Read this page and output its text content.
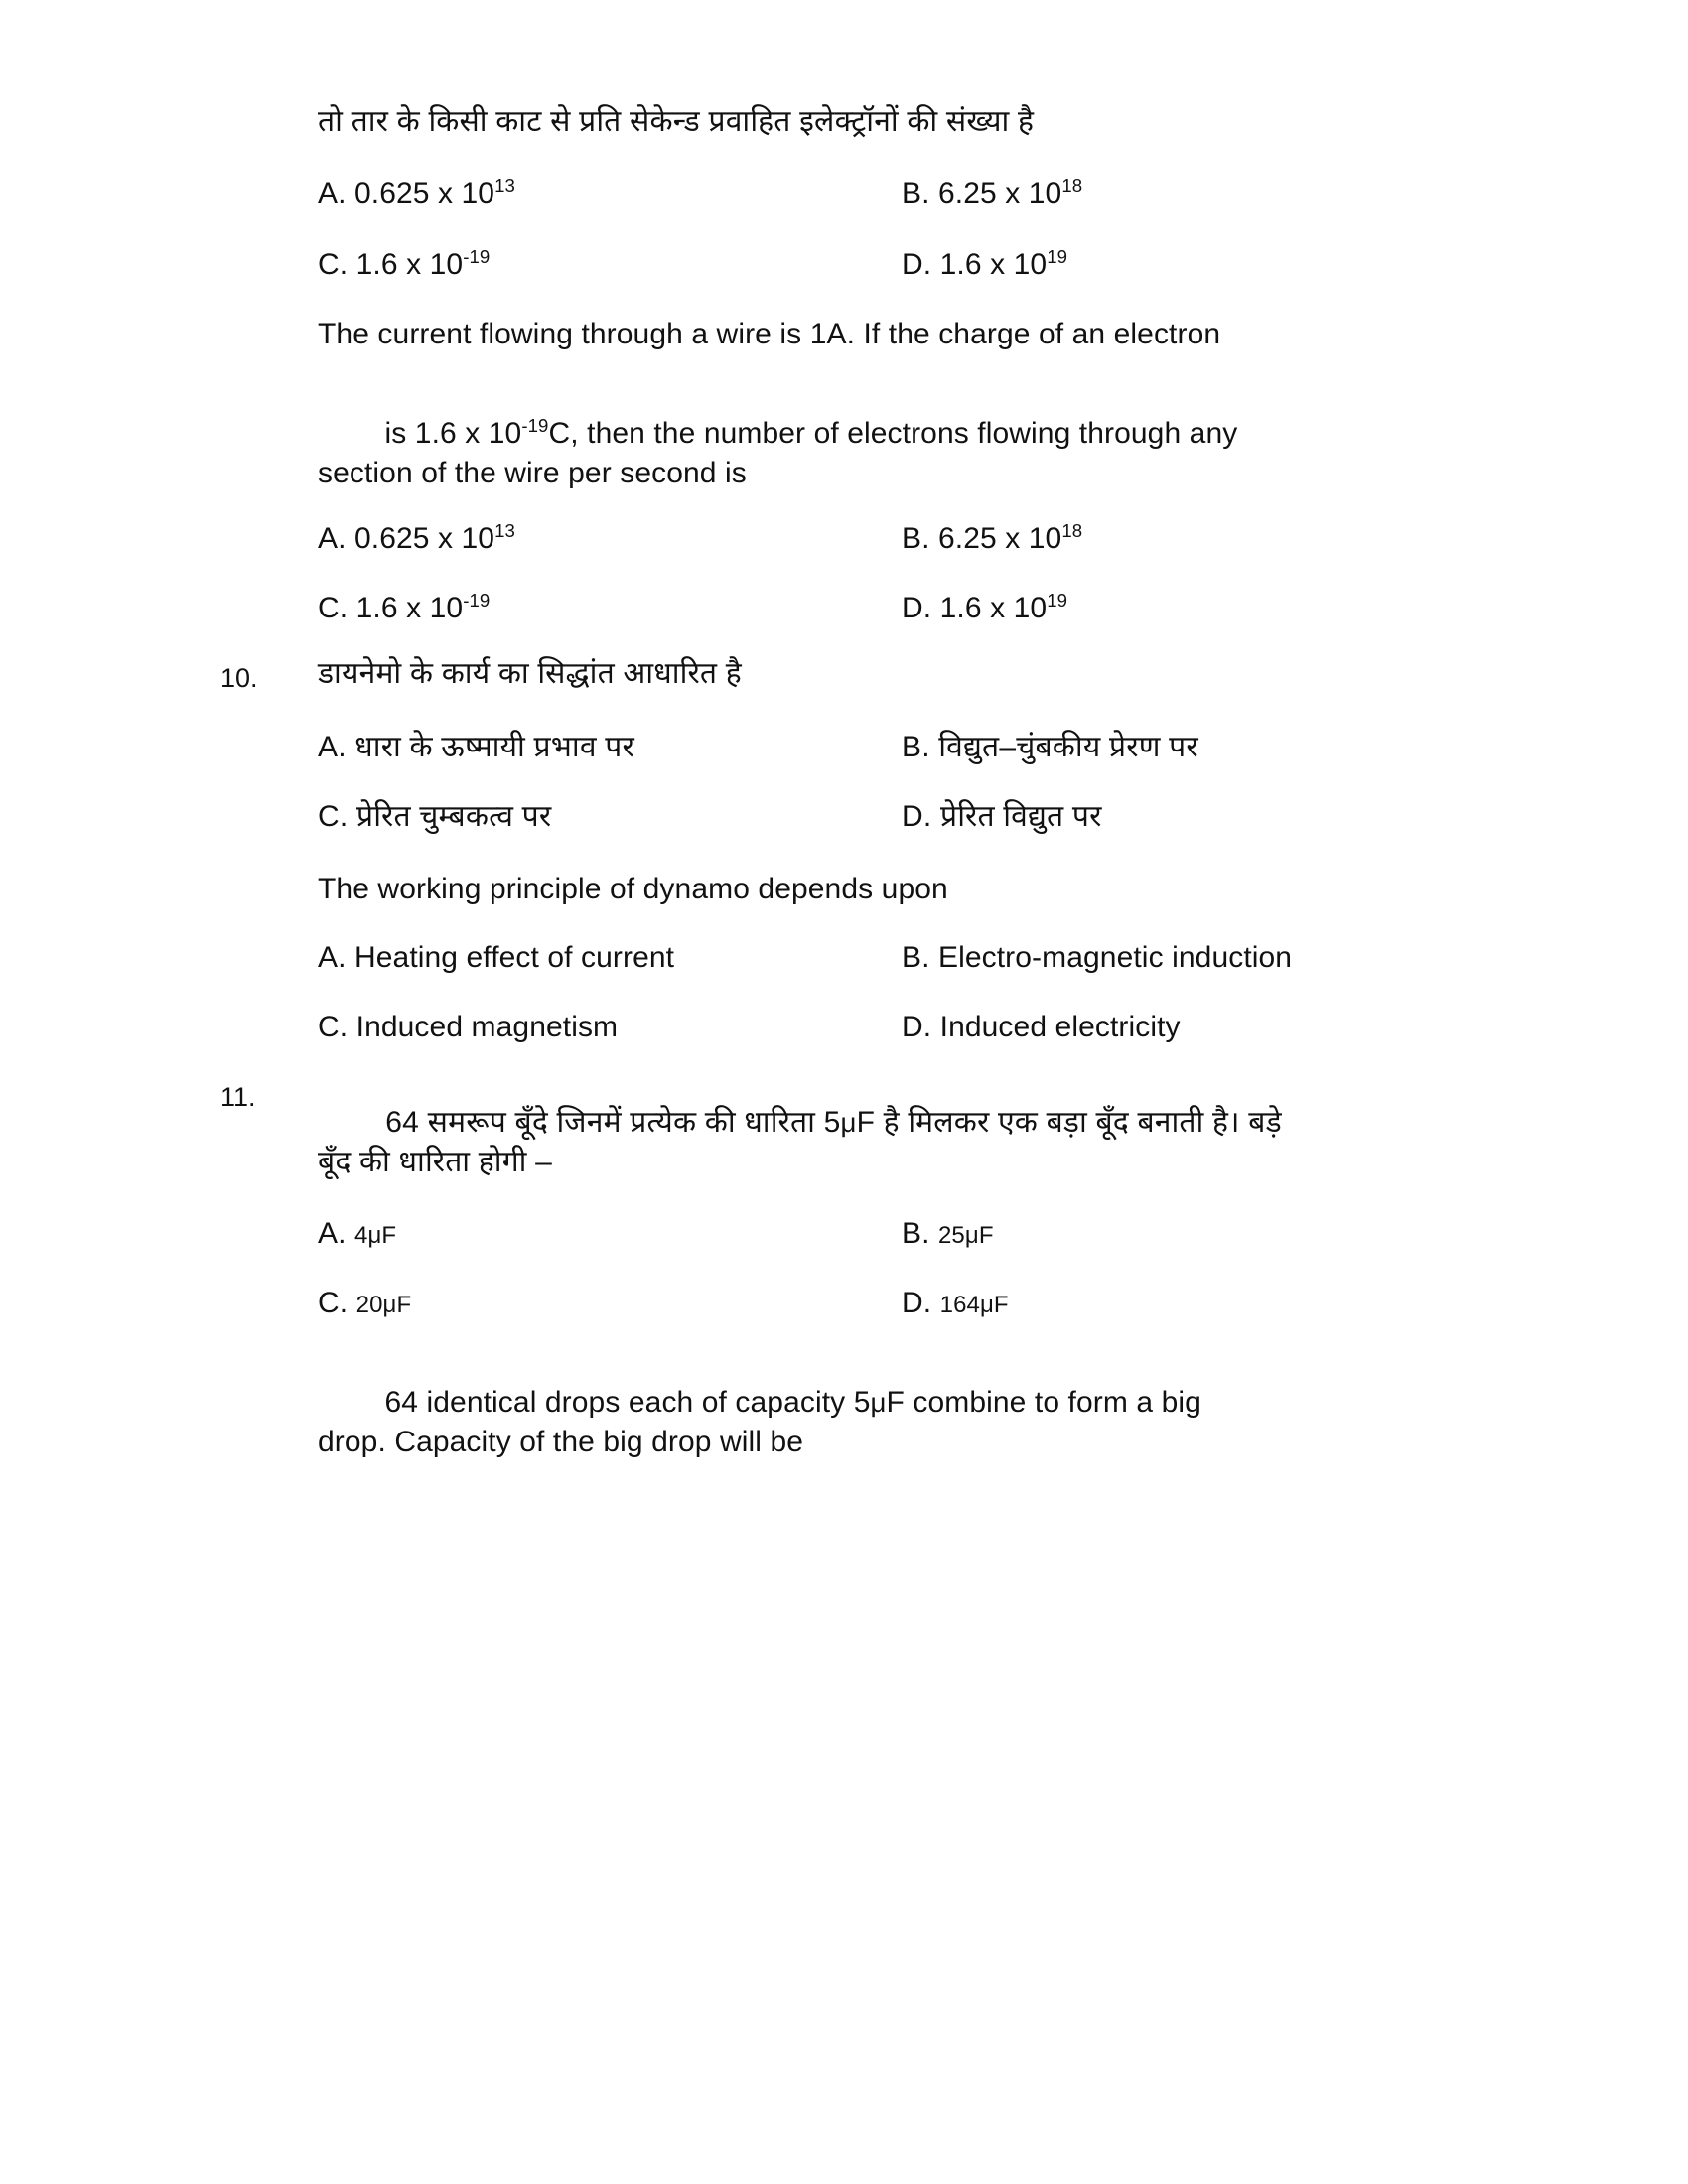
तो तार के किसी काट से प्रति सेकेन्ड प्रवाहित इलेक्ट्रॉनों की संख्या है
A. 0.625 x $10^{13}$	B. 6.25 x $10^{18}$
C. 1.6 x $10^{-19}$	D. 1.6 x $10^{19}$
The current flowing through a wire is 1A. If the charge of an electron

is 1.6 x $10^{-19}C$, then the number of electrons flowing through any

section of the wire per second is
A. 0.625 x $10^{13}$	B. 6.25 x $10^{18}$
C. 1.6 x $10^{-19}$	D. 1.6 x $10^{19}$
10. डायनेमो के कार्य का सिद्धांत आधारित है
A. धारा के ऊष्मायी प्रभाव पर	B. विद्युत–चुंबकीय प्रेरण पर
C. प्रेरित चुम्बकत्व पर	D. प्रेरित विद्युत पर
The working principle of dynamo depends upon
A. Heating effect of current	B. Electro-magnetic induction
C. Induced magnetism	D. Induced electricity
11.

64 समरूप बूँदे जिनमें प्रत्येक की धारिता 5μF है मिलकर एक बड़ा बूँद बनाती है। बड़े

बूँद की धारिता होगी –
A. 4μF	B. 25μF
C. 20μF	D. 164μF

64 identical drops each of capacity 5μF combine to form a big

drop. Capacity of the big drop will be
